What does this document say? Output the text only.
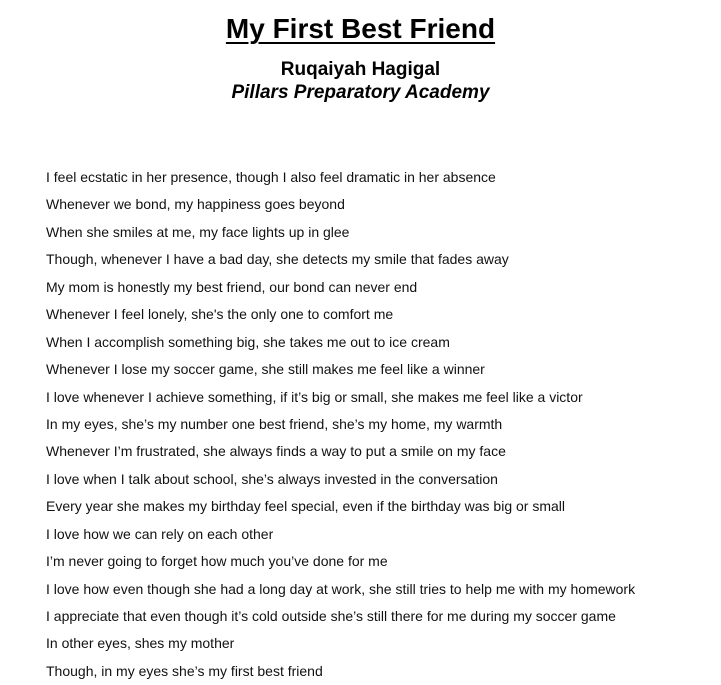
My First Best Friend
Ruqaiyah Hagigal
Pillars Preparatory Academy
I feel ecstatic in her presence, though I also feel dramatic in her absence
Whenever we bond, my happiness goes beyond
When she smiles at me, my face lights up in glee
Though, whenever I have a bad day, she detects my smile that fades away
My mom is honestly my best friend, our bond can never end
Whenever I feel lonely, she's the only one to comfort me
When I accomplish something big, she takes me out to ice cream
Whenever I lose my soccer game, she still makes me feel like a winner
I love whenever I achieve something, if it’s big or small, she makes me feel like a victor
In my eyes, she’s my number one best friend, she’s my home, my warmth
Whenever I’m frustrated, she always finds a way to put a smile on my face
I love when I talk about school, she’s always invested in the conversation
Every year she makes my birthday feel special, even if the birthday was big or small
I love how we can rely on each other
I’m never going to forget how much you’ve done for me
I love how even though she had a long day at work, she still tries to help me with my homework
I appreciate that even though it’s cold outside she’s still there for me during my soccer game
In other eyes, shes my mother
Though, in my eyes she’s my first best friend
